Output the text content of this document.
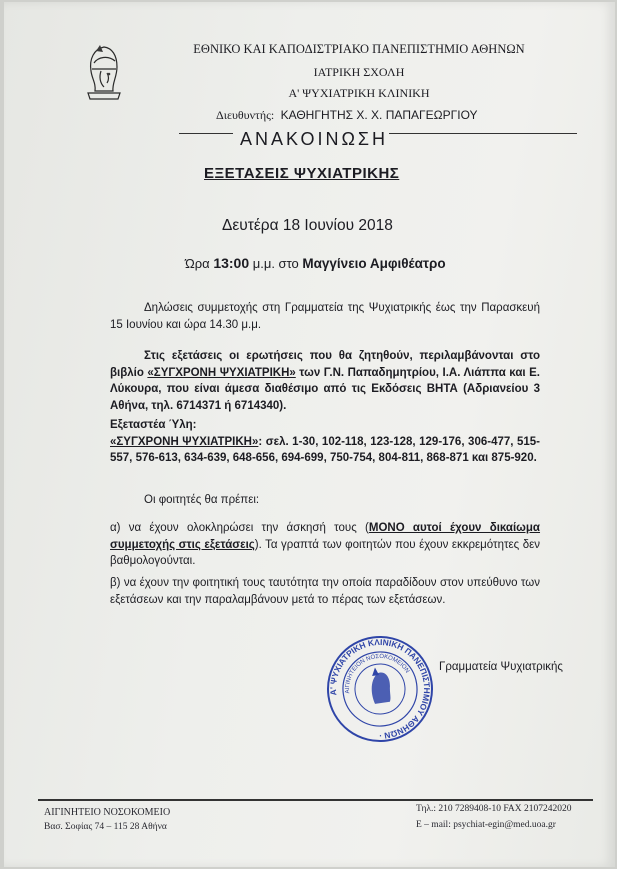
ΕΘΝΙΚΟ ΚΑΙ ΚΑΠΟΔΙΣΤΡΙΑΚΟ ΠΑΝΕΠΙΣΤΗΜΙΟ ΑΘΗΝΩΝ
ΙΑΤΡΙΚΗ ΣΧΟΛΗ
Α' ΨΥΧΙΑΤΡΙΚΗ ΚΛΙΝΙΚΗ
Διευθυντής: ΚΑΘΗΓΗΤΗΣ Χ. Χ. ΠΑΠΑΓΕΩΡΓΙΟΥ
ΑΝΑΚΟΙΝΩΣΗ
ΕΞΕΤΑΣΕΙΣ ΨΥΧΙΑΤΡΙΚΗΣ
Δευτέρα 18 Ιουνίου 2018
Ώρα 13:00 μ.μ. στο Μαγγίνειο Αμφιθέατρο
Δηλώσεις συμμετοχής στη Γραμματεία της Ψυχιατρικής έως την Παρασκευή 15 Ιουνίου και ώρα 14.30 μ.μ.
Στις εξετάσεις οι ερωτήσεις που θα ζητηθούν, περιλαμβάνονται στο βιβλίο «ΣΥΓΧΡΟΝΗ ΨΥΧΙΑΤΡΙΚΗ» των Γ.Ν. Παπαδημητρίου, Ι.Α. Λιάππα και Ε. Λύκουρα, που είναι άμεσα διαθέσιμο από τις Εκδόσεις ΒΗΤΑ (Αδριανείου 3 Αθήνα, τηλ. 6714371 ή 6714340).
Εξεταστέα Ύλη:
«ΣΥΓΧΡΟΝΗ ΨΥΧΙΑΤΡΙΚΗ»: σελ. 1-30, 102-118, 123-128, 129-176, 306-477, 515-557, 576-613, 634-639, 648-656, 694-699, 750-754, 804-811, 868-871 και 875-920.
Οι φοιτητές θα πρέπει:
α) να έχουν ολοκληρώσει την άσκησή τους (ΜΟΝΟ αυτοί έχουν δικαίωμα συμμετοχής στις εξετάσεις). Τα γραπτά των φοιτητών που έχουν εκκρεμότητες δεν βαθμολογούνται.
β) να έχουν την φοιτητική τους ταυτότητα την οποία παραδίδουν στον υπεύθυνο των εξετάσεων και την παραλαμβάνουν μετά το πέρας των εξετάσεων.
Α' ΨΥΧΙΑΤΡΙΚΗ ΚΛΙΝΙΚΗ ΠΑΝΕΠΙΣΤΗΜΙΟΥ ΑΘΗΝΩΝ ·
ΑΙΓΙΝΗΤΕΙΟΝ ΝΟΣΟΚΟΜΕΙΟΝ	Γραμματεία Ψυχιατρικής
ΑΙΓΙΝΗΤΕΙΟ ΝΟΣΟΚΟΜΕΙΟ
Βασ. Σοφίας 74 – 115 28 Αθήνα
Τηλ.: 210 7289408-10 FAX 2107242020
E – mail: psychiat-egin@med.uoa.gr
